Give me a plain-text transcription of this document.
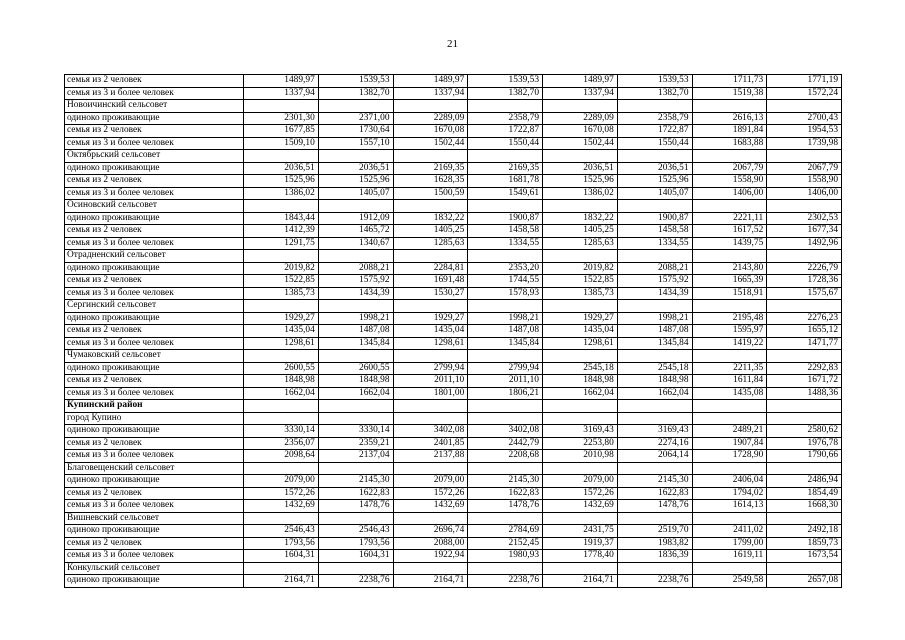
21
семья из 2 человек	1489,97	1539,53	1489,97	1539,53	1489,97	1539,53	1711,73	1771,19
семья из 3 и более человек	1337,94	1382,70	1337,94	1382,70	1337,94	1382,70	1519,38	1572,24
Новоичинский сельсовет								
одиноко проживающие	2301,30	2371,00	2289,09	2358,79	2289,09	2358,79	2616,13	2700,43
семья из 2 человек	1677,85	1730,64	1670,08	1722,87	1670,08	1722,87	1891,84	1954,53
семья из 3 и более человек	1509,10	1557,10	1502,44	1550,44	1502,44	1550,44	1683,88	1739,98
Октябрьский сельсовет								
одиноко проживающие	2036,51	2036,51	2169,35	2169,35	2036,51	2036,51	2067,79	2067,79
семья из 2 человек	1525,96	1525,96	1628,35	1681,78	1525,96	1525,96	1558,90	1558,90
семья из 3 и более человек	1386,02	1405,07	1500,59	1549,61	1386,02	1405,07	1406,00	1406,00
Осиновский сельсовет								
одиноко проживающие	1843,44	1912,09	1832,22	1900,87	1832,22	1900,87	2221,11	2302,53
семья из 2 человек	1412,39	1465,72	1405,25	1458,58	1405,25	1458,58	1617,52	1677,34
семья из 3 и более человек	1291,75	1340,67	1285,63	1334,55	1285,63	1334,55	1439,75	1492,96
Отрадненский сельсовет								
одиноко проживающие	2019,82	2088,21	2284,81	2353,20	2019,82	2088,21	2143,80	2226,79
семья из 2 человек	1522,85	1575,92	1691,48	1744,55	1522,85	1575,92	1665,39	1728,36
семья из 3 и более человек	1385,73	1434,39	1530,27	1578,93	1385,73	1434,39	1518,91	1575,67
Сергинский сельсовет								
одиноко проживающие	1929,27	1998,21	1929,27	1998,21	1929,27	1998,21	2195,48	2276,23
семья из 2 человек	1435,04	1487,08	1435,04	1487,08	1435,04	1487,08	1595,97	1655,12
семья из 3 и более человек	1298,61	1345,84	1298,61	1345,84	1298,61	1345,84	1419,22	1471,77
Чумаковский сельсовет								
одиноко проживающие	2600,55	2600,55	2799,94	2799,94	2545,18	2545,18	2211,35	2292,83
семья из 2 человек	1848,98	1848,98	2011,10	2011,10	1848,98	1848,98	1611,84	1671,72
семья из 3 и более человек	1662,04	1662,04	1801,00	1806,21	1662,04	1662,04	1435,08	1488,36
Купинский район								
город Купино								
одиноко проживающие	3330,14	3330,14	3402,08	3402,08	3169,43	3169,43	2489,21	2580,62
семья из 2 человек	2356,07	2359,21	2401,85	2442,79	2253,80	2274,16	1907,84	1976,78
семья из 3 и более человек	2098,64	2137,04	2137,88	2208,68	2010,98	2064,14	1728,90	1790,66
Благовещенский сельсовет								
одиноко проживающие	2079,00	2145,30	2079,00	2145,30	2079,00	2145,30	2406,04	2486,94
семья из 2 человек	1572,26	1622,83	1572,26	1622,83	1572,26	1622,83	1794,02	1854,49
семья из 3 и более человек	1432,69	1478,76	1432,69	1478,76	1432,69	1478,76	1614,13	1668,30
Вишневский сельсовет								
одиноко проживающие	2546,43	2546,43	2696,74	2784,69	2431,75	2519,70	2411,02	2492,18
семья из 2 человек	1793,56	1793,56	2088,00	2152,45	1919,37	1983,82	1799,00	1859,73
семья из 3 и более человек	1604,31	1604,31	1922,94	1980,93	1778,40	1836,39	1619,11	1673,54
Конкульский сельсовет								
одиноко проживающие	2164,71	2238,76	2164,71	2238,76	2164,71	2238,76	2549,58	2657,08
